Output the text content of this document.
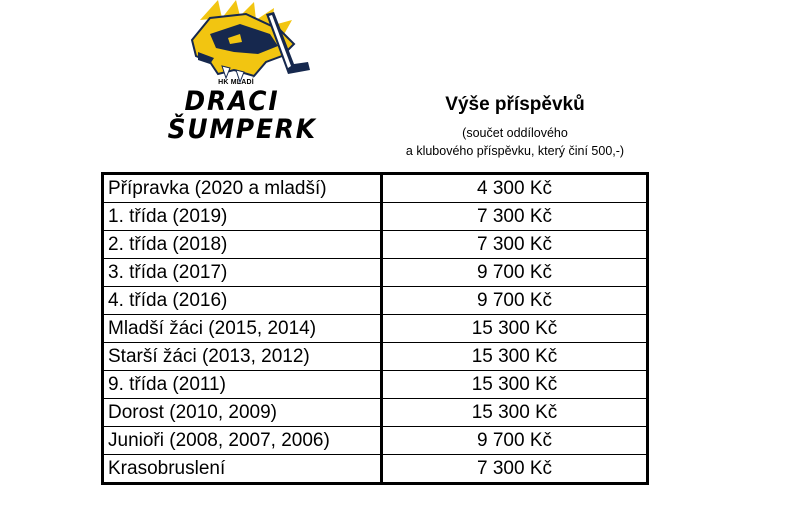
HK MLADÍ
DRACI
ŠUMPERK
Výše příspěvků
(součet oddílového
a klubového příspěvku, který činí 500,-)
Přípravka (2020 a mladší)	4 300 Kč
1. třída (2019)	7 300 Kč
2. třída (2018)	7 300 Kč
3. třída (2017)	9 700 Kč
4. třída (2016)	9 700 Kč
Mladší žáci (2015, 2014)	15 300 Kč
Starší žáci (2013, 2012)	15 300 Kč
9. třída (2011)	15 300 Kč
Dorost (2010, 2009)	15 300 Kč
Junioři (2008, 2007, 2006)	9 700 Kč
Krasobruslení	7 300 Kč
